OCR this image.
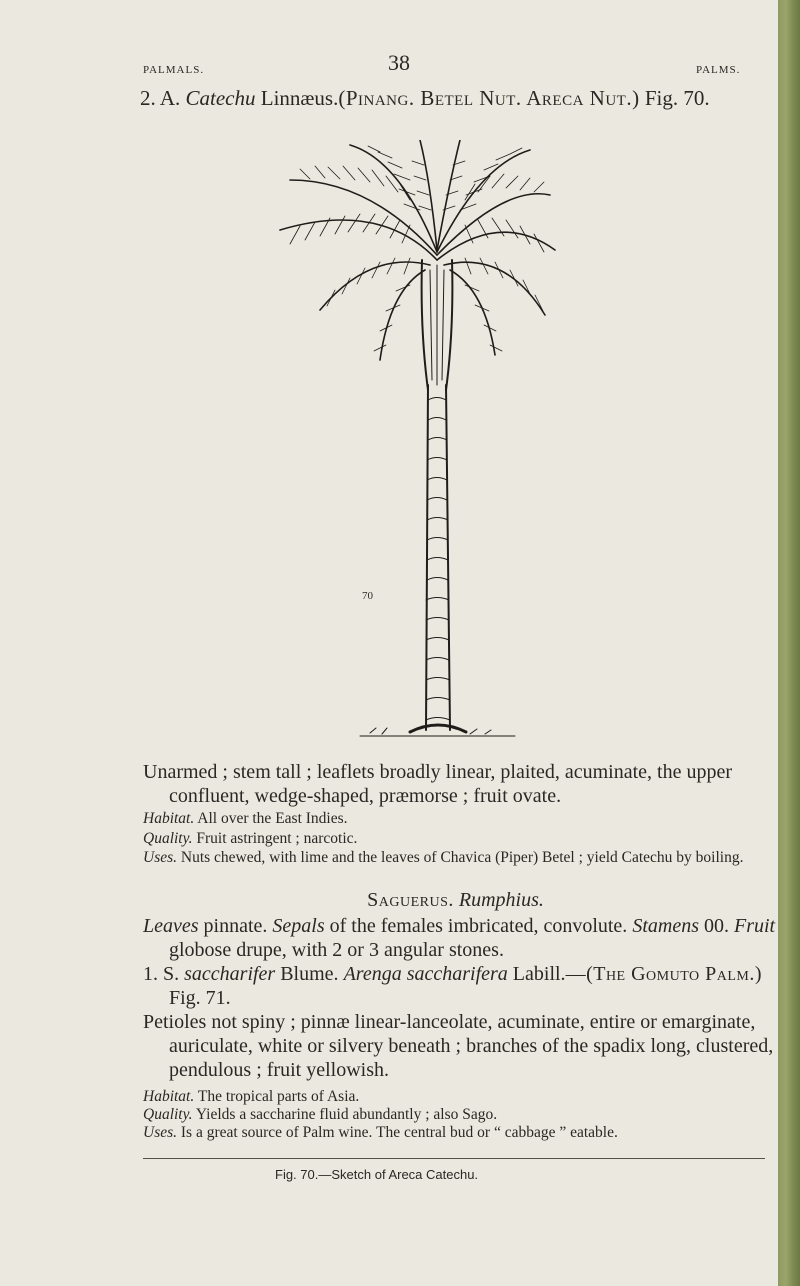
PALMALS.	38	PALMS.
2. A. Catechu Linnæus.(Pinang. Betel Nut. Areca Nut.) Fig. 70.
70
Unarmed ; stem tall ; leaflets broadly linear, plaited, acuminate, the upper confluent, wedge-shaped, præmorse ; fruit ovate.
Habitat. All over the East Indies.
Quality. Fruit astringent ; narcotic.
Uses. Nuts chewed, with lime and the leaves of Chavica (Piper) Betel ; yield Catechu by boiling.
Saguerus. Rumphius.
Leaves pinnate. Sepals of the females imbricated, convolute. Stamens 00. Fruit globose drupe, with 2 or 3 angular stones.
1. S. saccharifer Blume. Arenga saccharifera Labill.—(The Gomuto Palm.) Fig. 71.
Petioles not spiny ; pinnæ linear-lanceolate, acuminate, entire or emarginate, auriculate, white or silvery beneath ; branches of the spadix long, clustered, pendulous ; fruit yellowish.
Habitat. The tropical parts of Asia.
Quality. Yields a saccharine fluid abundantly ; also Sago.
Uses. Is a great source of Palm wine. The central bud or “ cabbage ” eatable.
Fig. 70.—Sketch of Areca Catechu.
